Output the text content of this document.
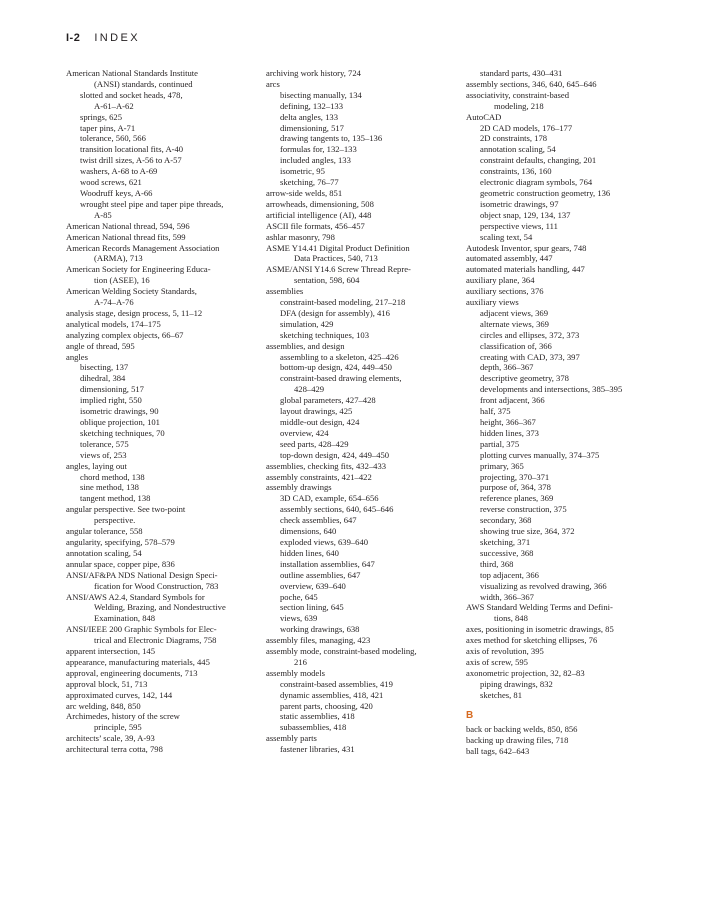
I-2 INDEX
American National Standards Institute
(ANSI) standards, continued
slotted and socket heads, 478,
A-61–A-62
springs, 625
taper pins, A-71
tolerance, 560, 566
transition locational fits, A-40
twist drill sizes, A-56 to A-57
washers, A-68 to A-69
wood screws, 621
Woodruff keys, A-66
wrought steel pipe and taper pipe threads,
A-85
American National thread, 594, 596
American National thread fits, 599
American Records Management Association
(ARMA), 713
American Society for Engineering Educa-
tion (ASEE), 16
American Welding Society Standards,
A-74–A-76
analysis stage, design process, 5, 11–12
analytical models, 174–175
analyzing complex objects, 66–67
angle of thread, 595
angles
bisecting, 137
dihedral, 384
dimensioning, 517
implied right, 550
isometric drawings, 90
oblique projection, 101
sketching techniques, 70
tolerance, 575
views of, 253
angles, laying out
chord method, 138
sine method, 138
tangent method, 138
angular perspective. See two-point
perspective.
angular tolerance, 558
angularity, specifying, 578–579
annotation scaling, 54
annular space, copper pipe, 836
ANSI/AF&PA NDS National Design Speci-
fication for Wood Construction, 783
ANSI/AWS A2.4, Standard Symbols for
Welding, Brazing, and Nondestructive
Examination, 848
ANSI/IEEE 200 Graphic Symbols for Elec-
trical and Electronic Diagrams, 758
apparent intersection, 145
appearance, manufacturing materials, 445
approval, engineering documents, 713
approval block, 51, 713
approximated curves, 142, 144
arc welding, 848, 850
Archimedes, history of the screw
principle, 595
architects’ scale, 39, A-93
architectural terra cotta, 798
archiving work history, 724
arcs
bisecting manually, 134
defining, 132–133
delta angles, 133
dimensioning, 517
drawing tangents to, 135–136
formulas for, 132–133
included angles, 133
isometric, 95
sketching, 76–77
arrow-side welds, 851
arrowheads, dimensioning, 508
artificial intelligence (AI), 448
ASCII file formats, 456–457
ashlar masonry, 798
ASME Y14.41 Digital Product Definition
Data Practices, 540, 713
ASME/ANSI Y14.6 Screw Thread Repre-
sentation, 598, 604
assemblies
constraint-based modeling, 217–218
DFA (design for assembly), 416
simulation, 429
sketching techniques, 103
assemblies, and design
assembling to a skeleton, 425–426
bottom-up design, 424, 449–450
constraint-based drawing elements,
428–429
global parameters, 427–428
layout drawings, 425
middle-out design, 424
overview, 424
seed parts, 428–429
top-down design, 424, 449–450
assemblies, checking fits, 432–433
assembly constraints, 421–422
assembly drawings
3D CAD, example, 654–656
assembly sections, 640, 645–646
check assemblies, 647
dimensions, 640
exploded views, 639–640
hidden lines, 640
installation assemblies, 647
outline assemblies, 647
overview, 639–640
poche, 645
section lining, 645
views, 639
working drawings, 638
assembly files, managing, 423
assembly mode, constraint-based modeling,
216
assembly models
constraint-based assemblies, 419
dynamic assemblies, 418, 421
parent parts, choosing, 420
static assemblies, 418
subassemblies, 418
assembly parts
fastener libraries, 431
standard parts, 430–431
assembly sections, 346, 640, 645–646
associativity, constraint-based
modeling, 218
AutoCAD
2D CAD models, 176–177
2D constraints, 178
annotation scaling, 54
constraint defaults, changing, 201
constraints, 136, 160
electronic diagram symbols, 764
geometric construction geometry, 136
isometric drawings, 97
object snap, 129, 134, 137
perspective views, 111
scaling text, 54
Autodesk Inventor, spur gears, 748
automated assembly, 447
automated materials handling, 447
auxiliary plane, 364
auxiliary sections, 376
auxiliary views
adjacent views, 369
alternate views, 369
circles and ellipses, 372, 373
classification of, 366
creating with CAD, 373, 397
depth, 366–367
descriptive geometry, 378
developments and intersections, 385–395
front adjacent, 366
half, 375
height, 366–367
hidden lines, 373
partial, 375
plotting curves manually, 374–375
primary, 365
projecting, 370–371
purpose of, 364, 378
reference planes, 369
reverse construction, 375
secondary, 368
showing true size, 364, 372
sketching, 371
successive, 368
third, 368
top adjacent, 366
visualizing as revolved drawing, 366
width, 366–367
AWS Standard Welding Terms and Defini-
tions, 848
axes, positioning in isometric drawings, 85
axes method for sketching ellipses, 76
axis of revolution, 395
axis of screw, 595
axonometric projection, 32, 82–83
piping drawings, 832
sketches, 81
B
back or backing welds, 850, 856
backing up drawing files, 718
ball tags, 642–643
